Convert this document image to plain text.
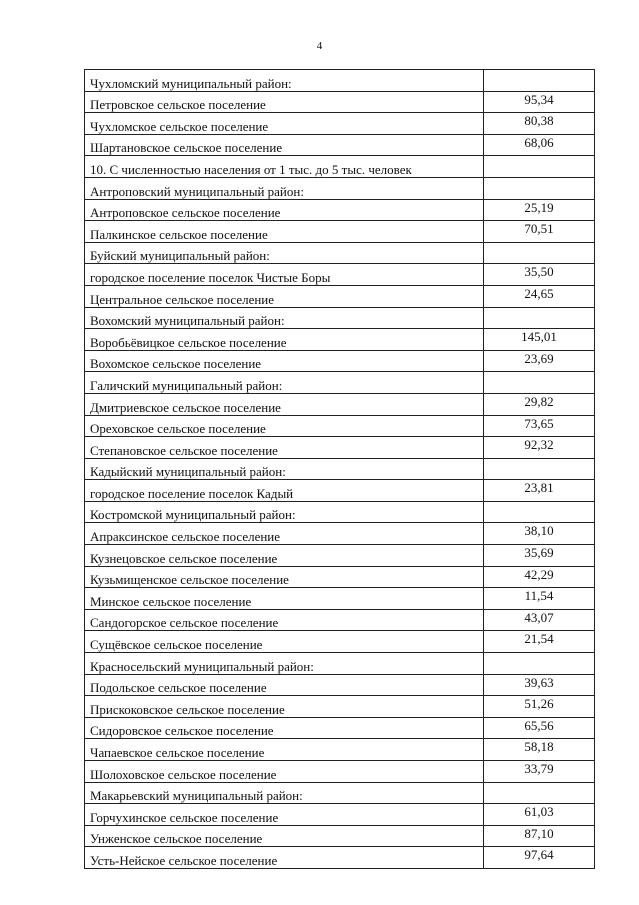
4
Чухломский муниципальный район:	
Петровское сельское поселение	95,34
Чухломское сельское поселение	80,38
Шартановское сельское поселение	68,06
10. С численностью населения от 1 тыс. до 5 тыс. человек	
Антроповский муниципальный район:	
Антроповское сельское поселение	25,19
Палкинское сельское поселение	70,51
Буйский муниципальный район:	
городское поселение поселок Чистые Боры	35,50
Центральное сельское поселение	24,65
Вохомский муниципальный район:	
Воробьёвицкое сельское поселение	145,01
Вохомское сельское поселение	23,69
Галичский муниципальный район:	
Дмитриевское сельское поселение	29,82
Ореховское сельское поселение	73,65
Степановское сельское поселение	92,32
Кадыйский муниципальный район:	
городское поселение поселок Кадый	23,81
Костромской муниципальный район:	
Апраксинское сельское поселение	38,10
Кузнецовское сельское поселение	35,69
Кузьмищенское сельское поселение	42,29
Минское сельское поселение	11,54
Сандогорское сельское поселение	43,07
Сущёвское сельское поселение	21,54
Красносельский муниципальный район:	
Подольское сельское поселение	39,63
Прискоковское сельское поселение	51,26
Сидоровское сельское поселение	65,56
Чапаевское сельское поселение	58,18
Шолоховское сельское поселение	33,79
Макарьевский муниципальный район:	
Горчухинское сельское поселение	61,03
Унженское сельское поселение	87,10
Усть-Нейское сельское поселение	97,64
